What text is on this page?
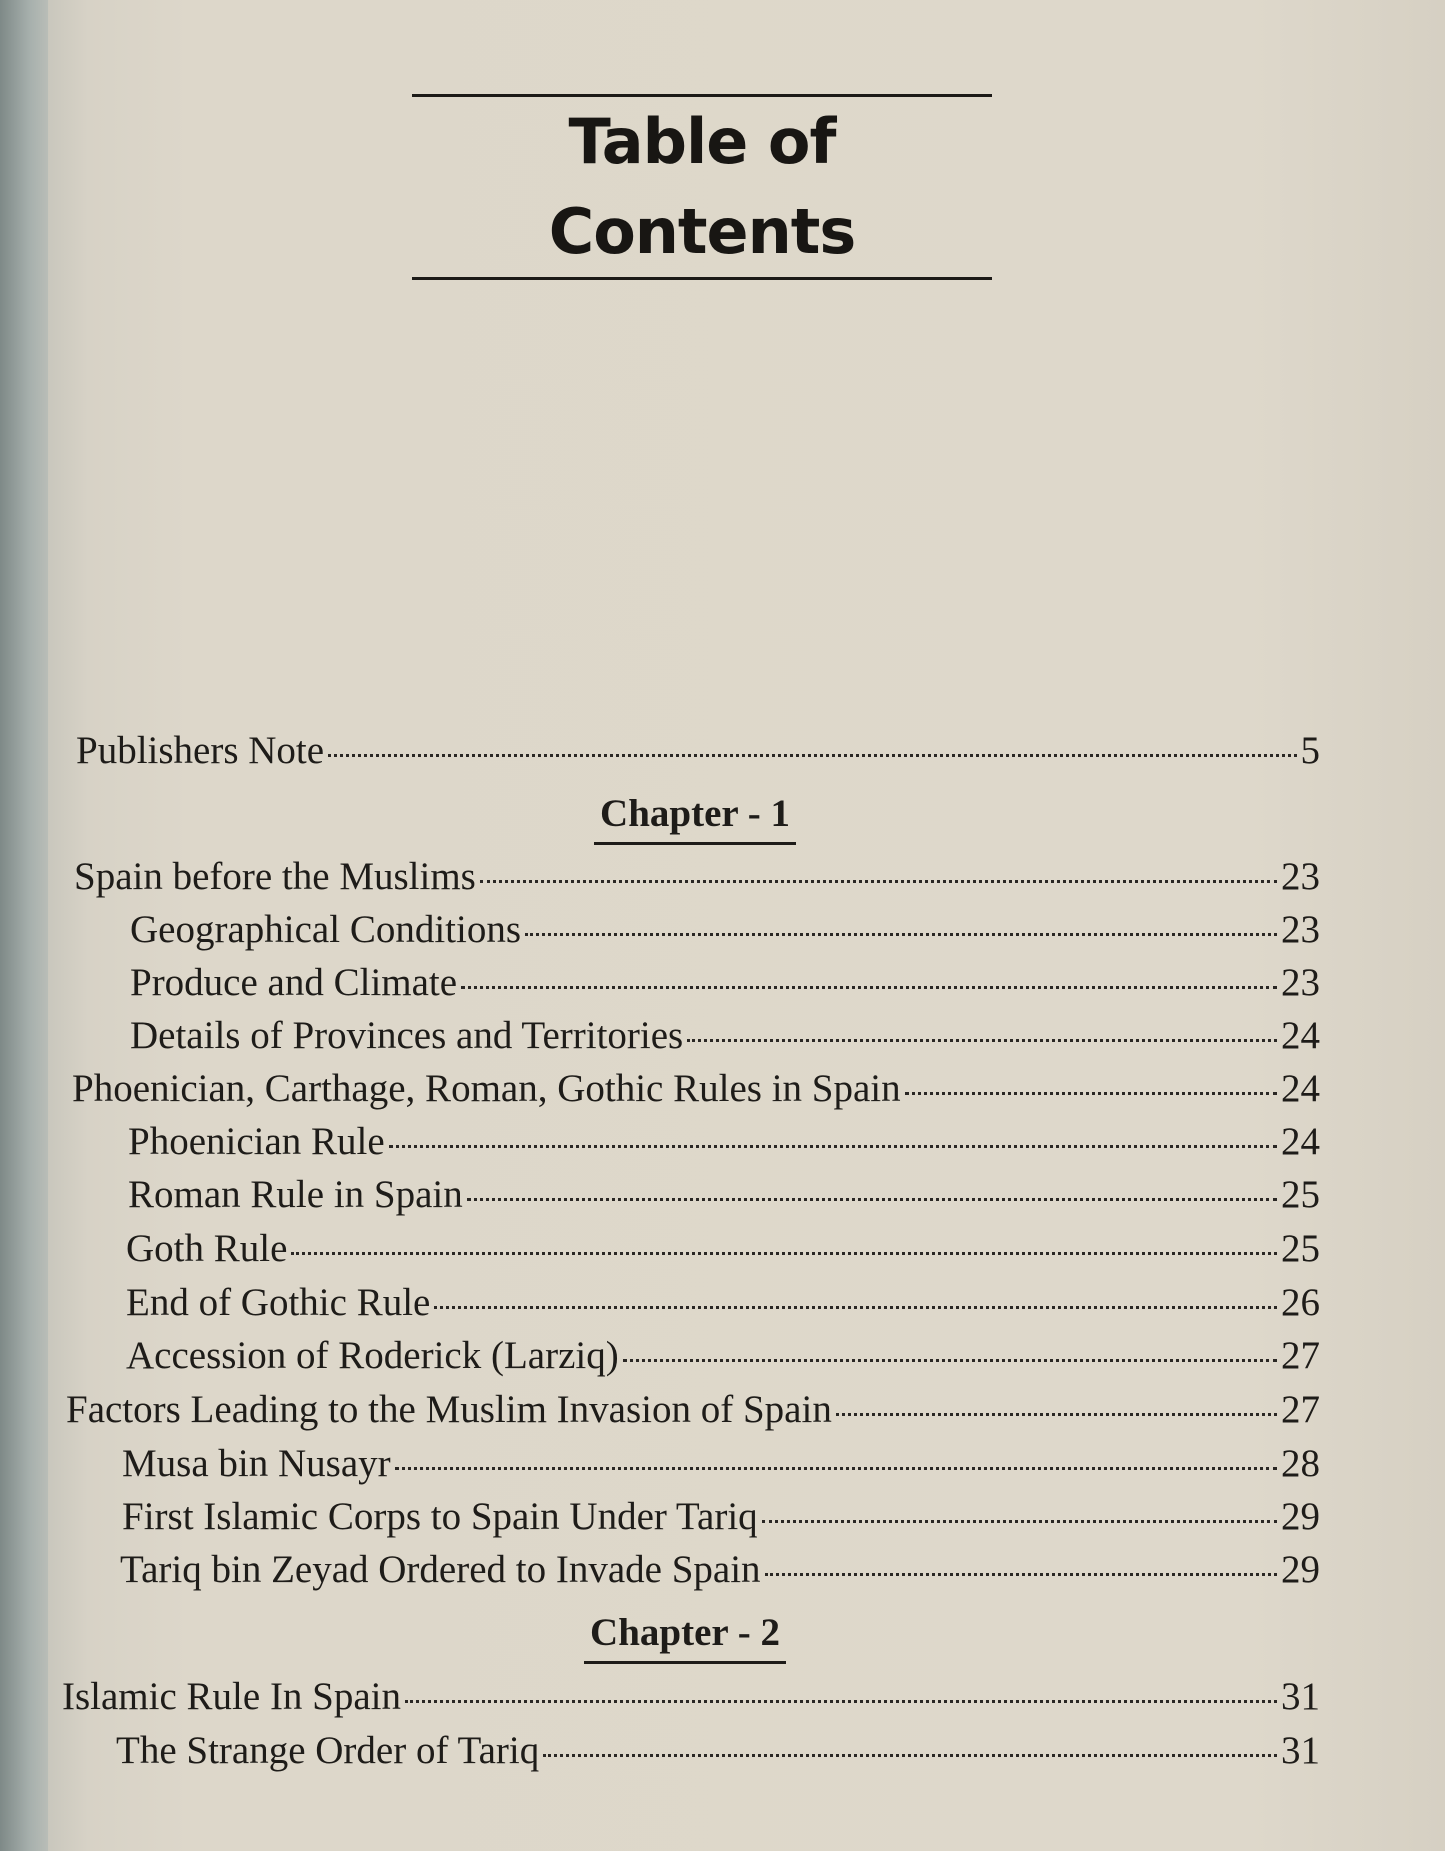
Table of Contents
Publishers Note	5
Chapter - 1
Spain before the Muslims	23
Geographical Conditions	23
Produce and Climate	23
Details of Provinces and Territories	24
Phoenician, Carthage, Roman, Gothic Rules in Spain	24
Phoenician Rule	24
Roman Rule in Spain	25
Goth Rule	25
End of Gothic Rule	26
Accession of Roderick (Larziq)	27
Factors Leading to the Muslim Invasion of Spain	27
Musa bin Nusayr	28
First Islamic Corps to Spain Under Tariq	29
Tariq bin Zeyad Ordered to Invade Spain	29
Chapter - 2
Islamic Rule In Spain	31
The Strange Order of Tariq	31
